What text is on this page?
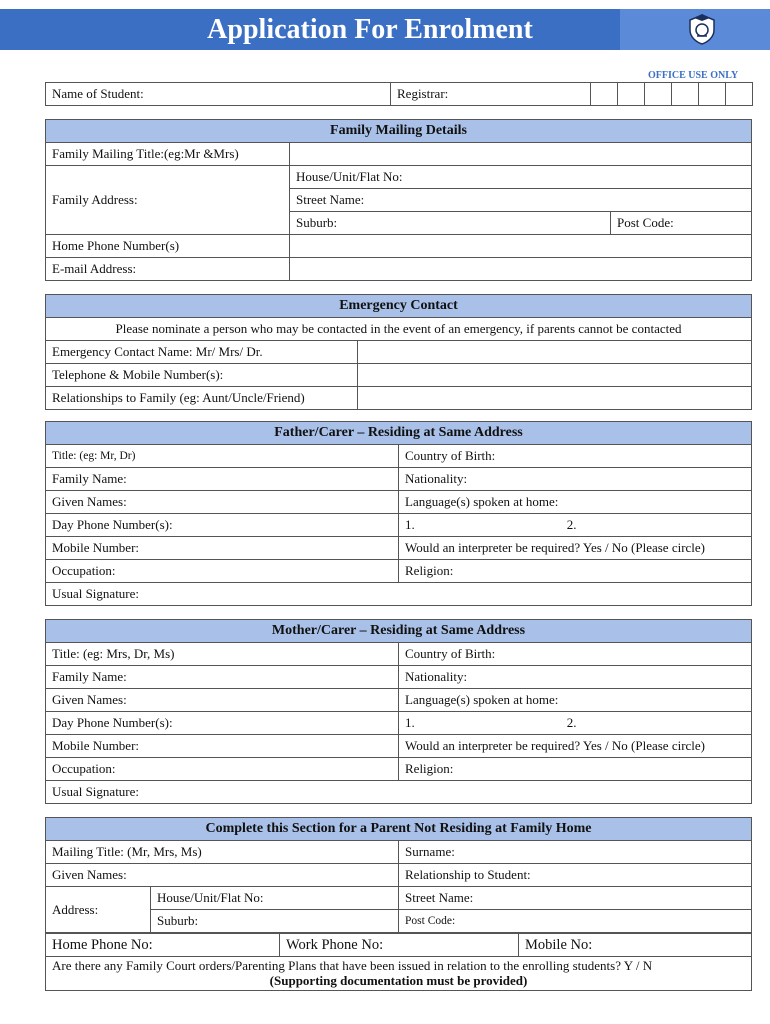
Application For Enrolment
OFFICE USE ONLY
Name of Student:	Registrar:						
Family Mailing Details		
Family Mailing Title:(eg:Mr &Mrs)		
Family Address:	House/Unit/Flat No:	
	Street Name:	
	Suburb:	Post Code:
Home Phone Number(s)		
E-mail Address:		
Emergency Contact	
Please nominate a person who may be contacted in the event of an emergency, if parents cannot be contacted	
Emergency Contact Name: Mr/ Mrs/ Dr.	
Telephone & Mobile Number(s):	
Relationships to Family (eg: Aunt/Uncle/Friend)	
Father/Carer – Residing at Same Address	
Title: (eg: Mr, Dr)	Country of Birth:
Family Name:	Nationality:
Given Names:	Language(s) spoken at home:
Day Phone Number(s):	1. 2.
Mobile Number:	Would an interpreter be required? Yes / No (Please circle)
Occupation:	Religion:
Usual Signature:	
Mother/Carer – Residing at Same Address	
Title: (eg: Mrs, Dr, Ms)	Country of Birth:
Family Name:	Nationality:
Given Names:	Language(s) spoken at home:
Day Phone Number(s):	1. 2.
Mobile Number:	Would an interpreter be required? Yes / No (Please circle)
Occupation:	Religion:
Usual Signature:	
Complete this Section for a Parent Not Residing at Family Home		
Mailing Title: (Mr, Mrs, Ms)		Surname:
Given Names:		Relationship to Student:
Address:	House/Unit/Flat No:	Street Name:
	Suburb:	Post Code:
Home Phone No:	Work Phone No:	Mobile No:
Are there any Family Court orders/Parenting Plans that have been issued in relation to the enrolling students? Y / N
(Supporting documentation must be provided)
